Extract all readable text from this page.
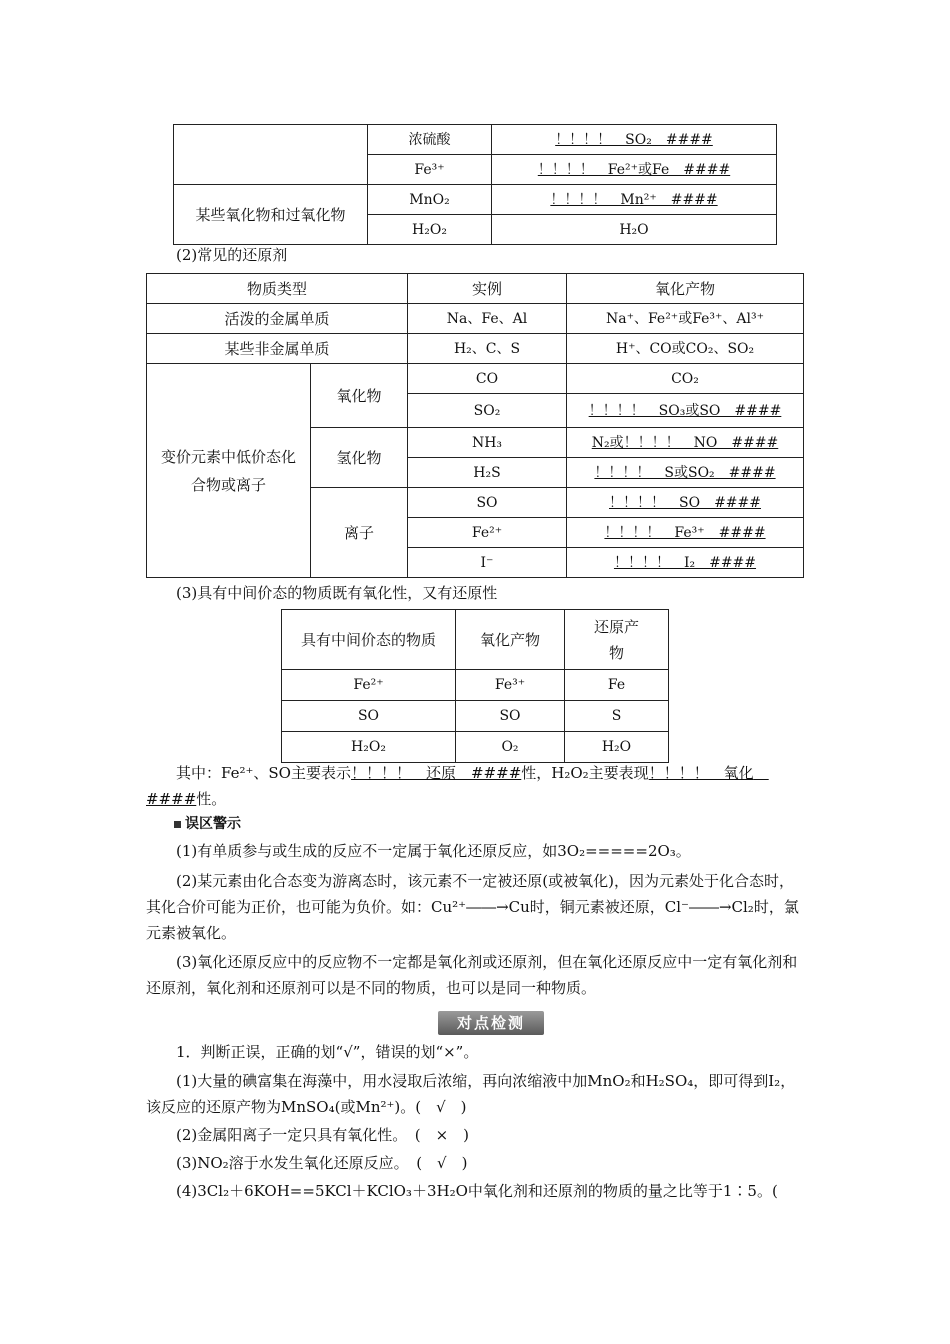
	浓硫酸	！！！！　SO₂　####
	Fe³⁺	！！！！　Fe²⁺或Fe　####
某些氧化物和过氧化物	MnO₂	！！！！　Mn²⁺　####
	H₂O₂	H₂O
(2)常见的还原剂
物质类型		实例	氧化产物
活泼的金属单质		Na、Fe、Al	Na⁺、Fe²⁺或Fe³⁺、Al³⁺
某些非金属单质		H₂、C、S	H⁺、CO或CO₂、SO₂
变价元素中低价态化合物或离子	氧化物	CO	CO₂
		SO₂	！！！！　SO₃或SO　####
	氢化物	NH₃	N₂或！！！！　NO　####
		H₂S	！！！！　S或SO₂　####
	离子	SO	！！！！　SO　####
		Fe²⁺	！！！！　Fe³⁺　####
		I⁻	！！！！　I₂　####
(3)具有中间价态的物质既有氧化性，又有还原性
具有中间价态的物质	氧化产物	还原产物
Fe²⁺	Fe³⁺	Fe
SO	SO	S
H₂O₂	O₂	H₂O
其中：Fe²⁺、SO主要表示！！！！　还原　####性，H₂O₂主要表现！！！！　氧化　####性。
误区警示
(1)有单质参与或生成的反应不一定属于氧化还原反应，如3O₂=====2O₃。
(2)某元素由化合态变为游离态时，该元素不一定被还原(或被氧化)，因为元素处于化合态时，其化合价可能为正价，也可能为负价。如：Cu²⁺――→Cu时，铜元素被还原，Cl⁻――→Cl₂时，氯元素被氧化。
(3)氧化还原反应中的反应物不一定都是氧化剂或还原剂，但在氧化还原反应中一定有氧化剂和还原剂，氧化剂和还原剂可以是不同的物质，也可以是同一种物质。
对点检测
1．判断正误，正确的划“√”，错误的划“×”。
(1)大量的碘富集在海藻中，用水浸取后浓缩，再向浓缩液中加MnO₂和H₂SO₄，即可得到I₂，该反应的还原产物为MnSO₄(或Mn²⁺)。(　√　)
(2)金属阳离子一定只具有氧化性。　 (　×　)
(3)NO₂溶于水发生氧化还原反应。　 (　√　)
(4)3Cl₂＋6KOH==5KCl＋KClO₃＋3H₂O中氧化剂和还原剂的物质的量之比等于1∶5。(
